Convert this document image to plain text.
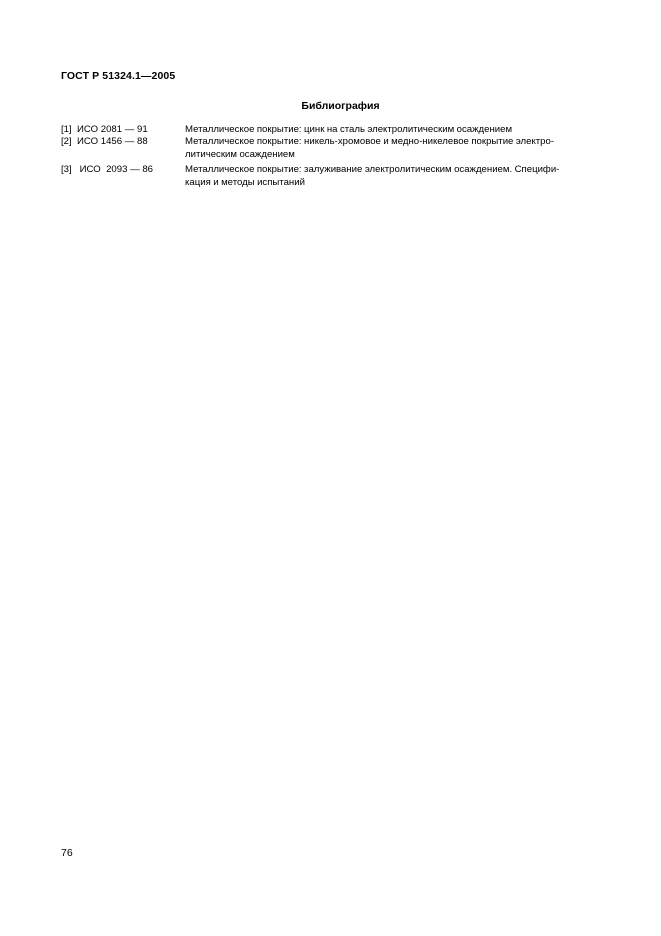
ГОСТ Р 51324.1—2005
Библиография
[1]  ИСО 2081 — 91	Металлическое покрытие: цинк на сталь электролитическим осаждением
[2]  ИСО 1456 — 88	Металлическое покрытие: никель-хромовое и медно-никелевое покрытие электро-
литическим осаждением
[3]   ИСО  2093 — 86	Металлическое покрытие: залуживание электролитическим осаждением. Специфи-
кация и методы испытаний
76
